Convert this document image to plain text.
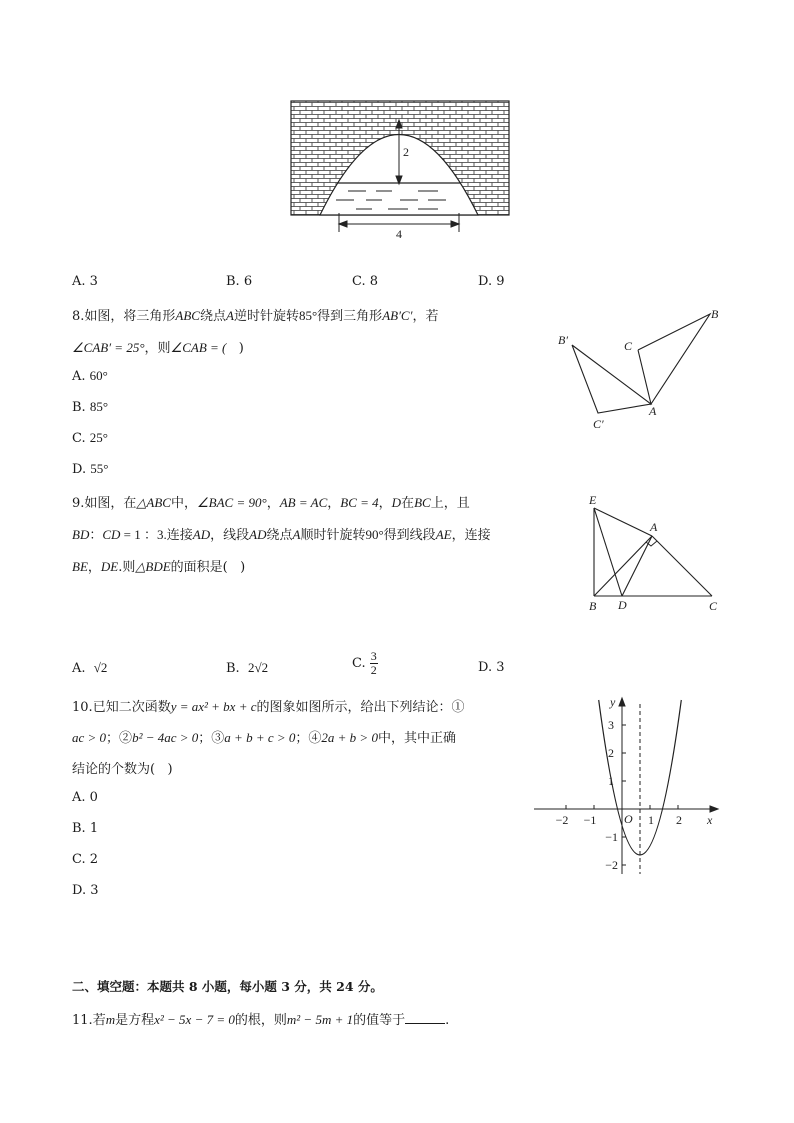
2
4
A. 3	B. 6	C. 8	D. 9
8.如图，将三角形ABC绕点A逆时针旋转85°得到三角形AB′C′，若
∠CAB′ = 25°，则∠CAB = ( )
A. 60°
B. 85°
C. 25°
D. 55°
B′	C
B
C′
A
9.如图，在△ABC中，∠BAC = 90°，AB = AC，BC = 4，D在BC上，且
BD：CD = 1 ：3.连接AD，线段AD绕点A顺时针旋转90°得到线段AE，连接
BE，DE.则△BDE的面积是( )
A. √2	B. 2√2	C. $\frac{3}{2}$	D. 3
E
A
B D	C
10.已知二次函数y = ax² + bx + c的图象如图所示，给出下列结论：①
ac > 0；②b² − 4ac > 0；③a + b + c > 0；④2a + b > 0中，其中正确
结论的个数为( )
A. 0
B. 1
C. 2
D. 3
y
x
O
3
2
1
−1
−2
−2 −1	1 2
二、填空题：本题共 8 小题，每小题 3 分，共 24 分。
11.若m是方程x² − 5x − 7 = 0的根，则m² − 5m + 1的值等于	.
